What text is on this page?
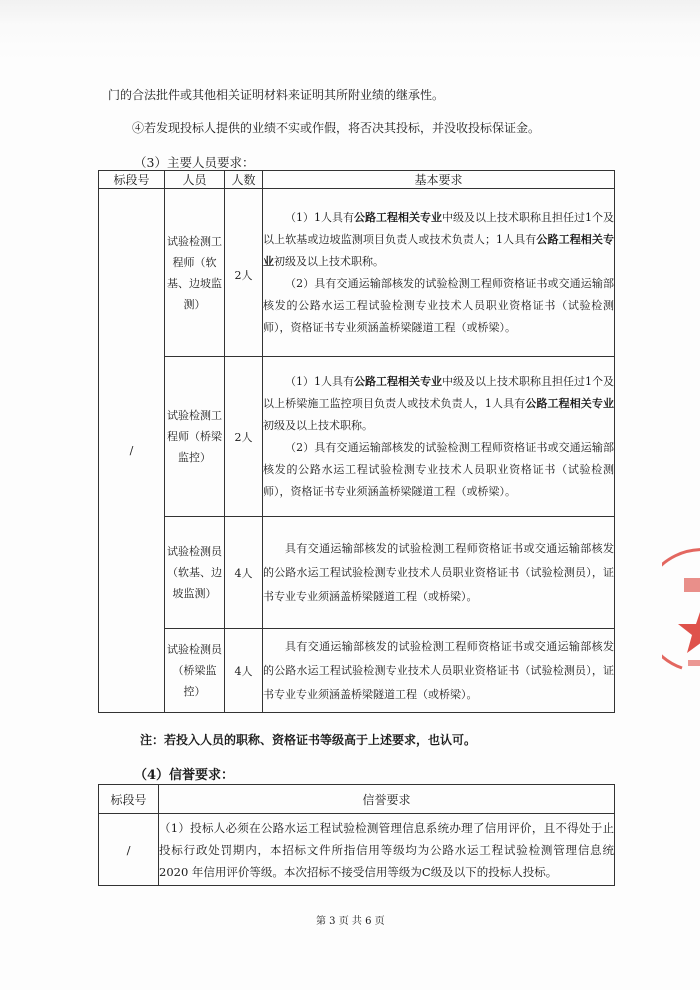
门的合法批件或其他相关证明材料来证明其所附业绩的继承性。
④若发现投标人提供的业绩不实或作假，将否决其投标，并没收投标保证金。
（3）主要人员要求：
标段号	人员	人数	基本要求
/	试验检测工程师（软基、边坡监测）	2人	（1）1人具有公路工程相关专业中级及以上技术职称且担任过1个及以上软基或边坡监测项目负责人或技术负责人；1人具有公路工程相关专业初级及以上技术职称。

（2）具有交通运输部核发的试验检测工程师资格证书或交通运输部核发的公路水运工程试验检测专业技术人员职业资格证书（试验检测师），资格证书专业须涵盖桥梁隧道工程（或桥梁）。

	试验检测工程师（桥梁监控）	2人	（1）1人具有公路工程相关专业中级及以上技术职称且担任过1个及以上桥梁施工监控项目负责人或技术负责人，1人具有公路工程相关专业初级及以上技术职称。

（2）具有交通运输部核发的试验检测工程师资格证书或交通运输部核发的公路水运工程试验检测专业技术人员职业资格证书（试验检测师），资格证书专业须涵盖桥梁隧道工程（或桥梁）。

	试验检测员（软基、边坡监测）	4人	具有交通运输部核发的试验检测工程师资格证书或交通运输部核发的公路水运工程试验检测专业技术人员职业资格证书（试验检测员），证书专业专业须涵盖桥梁隧道工程（或桥梁）。
	试验检测员（桥梁监控）	4人	具有交通运输部核发的试验检测工程师资格证书或交通运输部核发的公路水运工程试验检测专业技术人员职业资格证书（试验检测员），证书专业专业须涵盖桥梁隧道工程（或桥梁）。
注：若投入人员的职称、资格证书等级高于上述要求，也认可。
（4）信誉要求：
标段号	信誉要求
/	（1）投标人必须在公路水运工程试验检测管理信息系统办理了信用评价，且不得处于止投标行政处罚期内，本招标文件所指信用等级均为公路水运工程试验检测管理信息统 2020 年信用评价等级。本次招标不接受信用等级为C级及以下的投标人投标。
第 3 页 共 6 页
